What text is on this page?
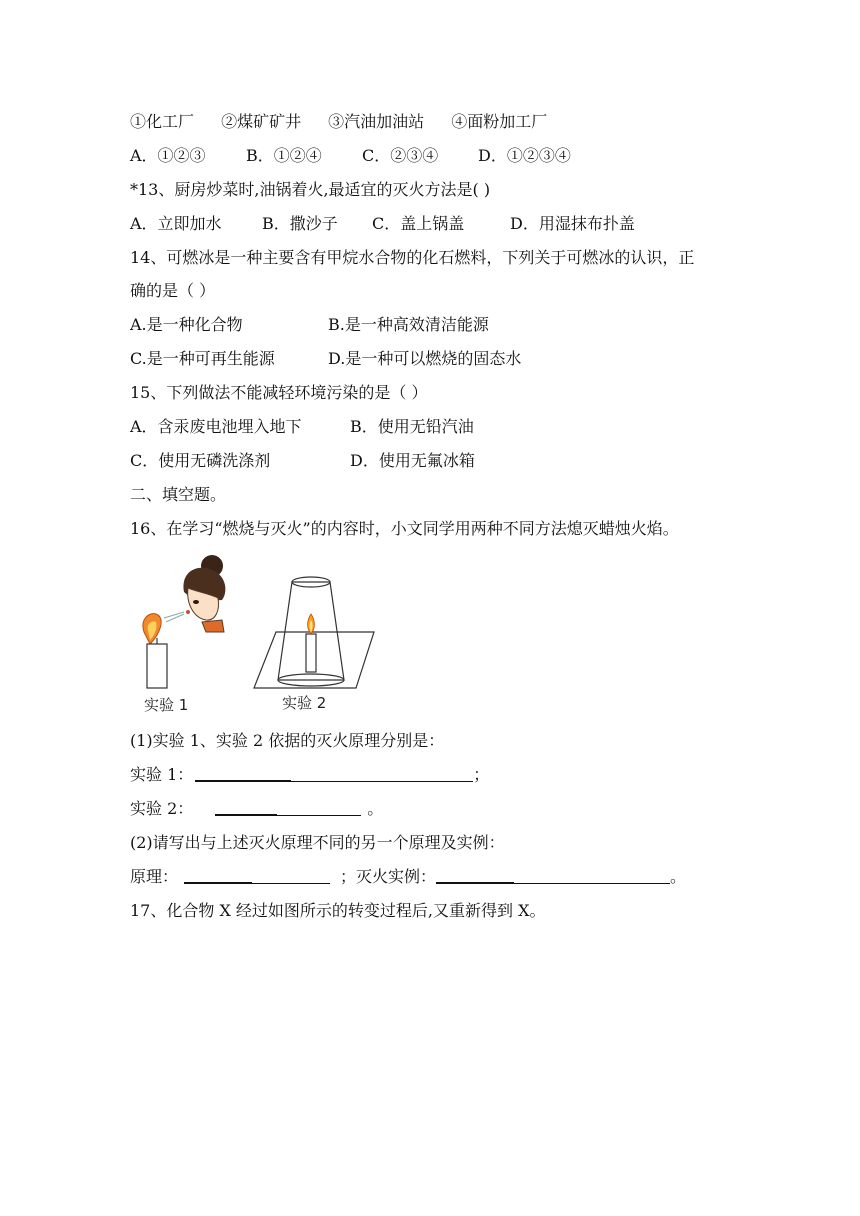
①化工厂 ②煤矿矿井 ③汽油加油站 ④面粉加工厂
A．①②③	B．①②④	C．②③④ D．①②③④
*13、厨房炒菜时,油锅着火,最适宜的灭火方法是( )
A．立即加水	B．撒沙子 C．盖上锅盖	D．用湿抹布扑盖
14、可燃冰是一种主要含有甲烷水合物的化石燃料，下列关于可燃冰的认识，正
确的是（ ）
A.是一种化合物	B.是一种高效清洁能源
C.是一种可再生能源	D.是一种可以燃烧的固态水
15、下列做法不能减轻环境污染的是（ ）
A．含汞废电池埋入地下	B．使用无铅汽油
C．使用无磷洗涤剂	D．使用无氟冰箱
二、填空题。
16、在学习“燃烧与灭火”的内容时，小文同学用两种不同方法熄灭蜡烛火焰。
实验 1	实验 2
(1)实验 1、实验 2 依据的灭火原理分别是：
实验 1：	；
实验 2：	。
(2)请写出与上述灭火原理不同的另一个原理及实例：
原理：	；灭火实例：	。
17、化合物 X 经过如图所示的转变过程后,又重新得到 X。
